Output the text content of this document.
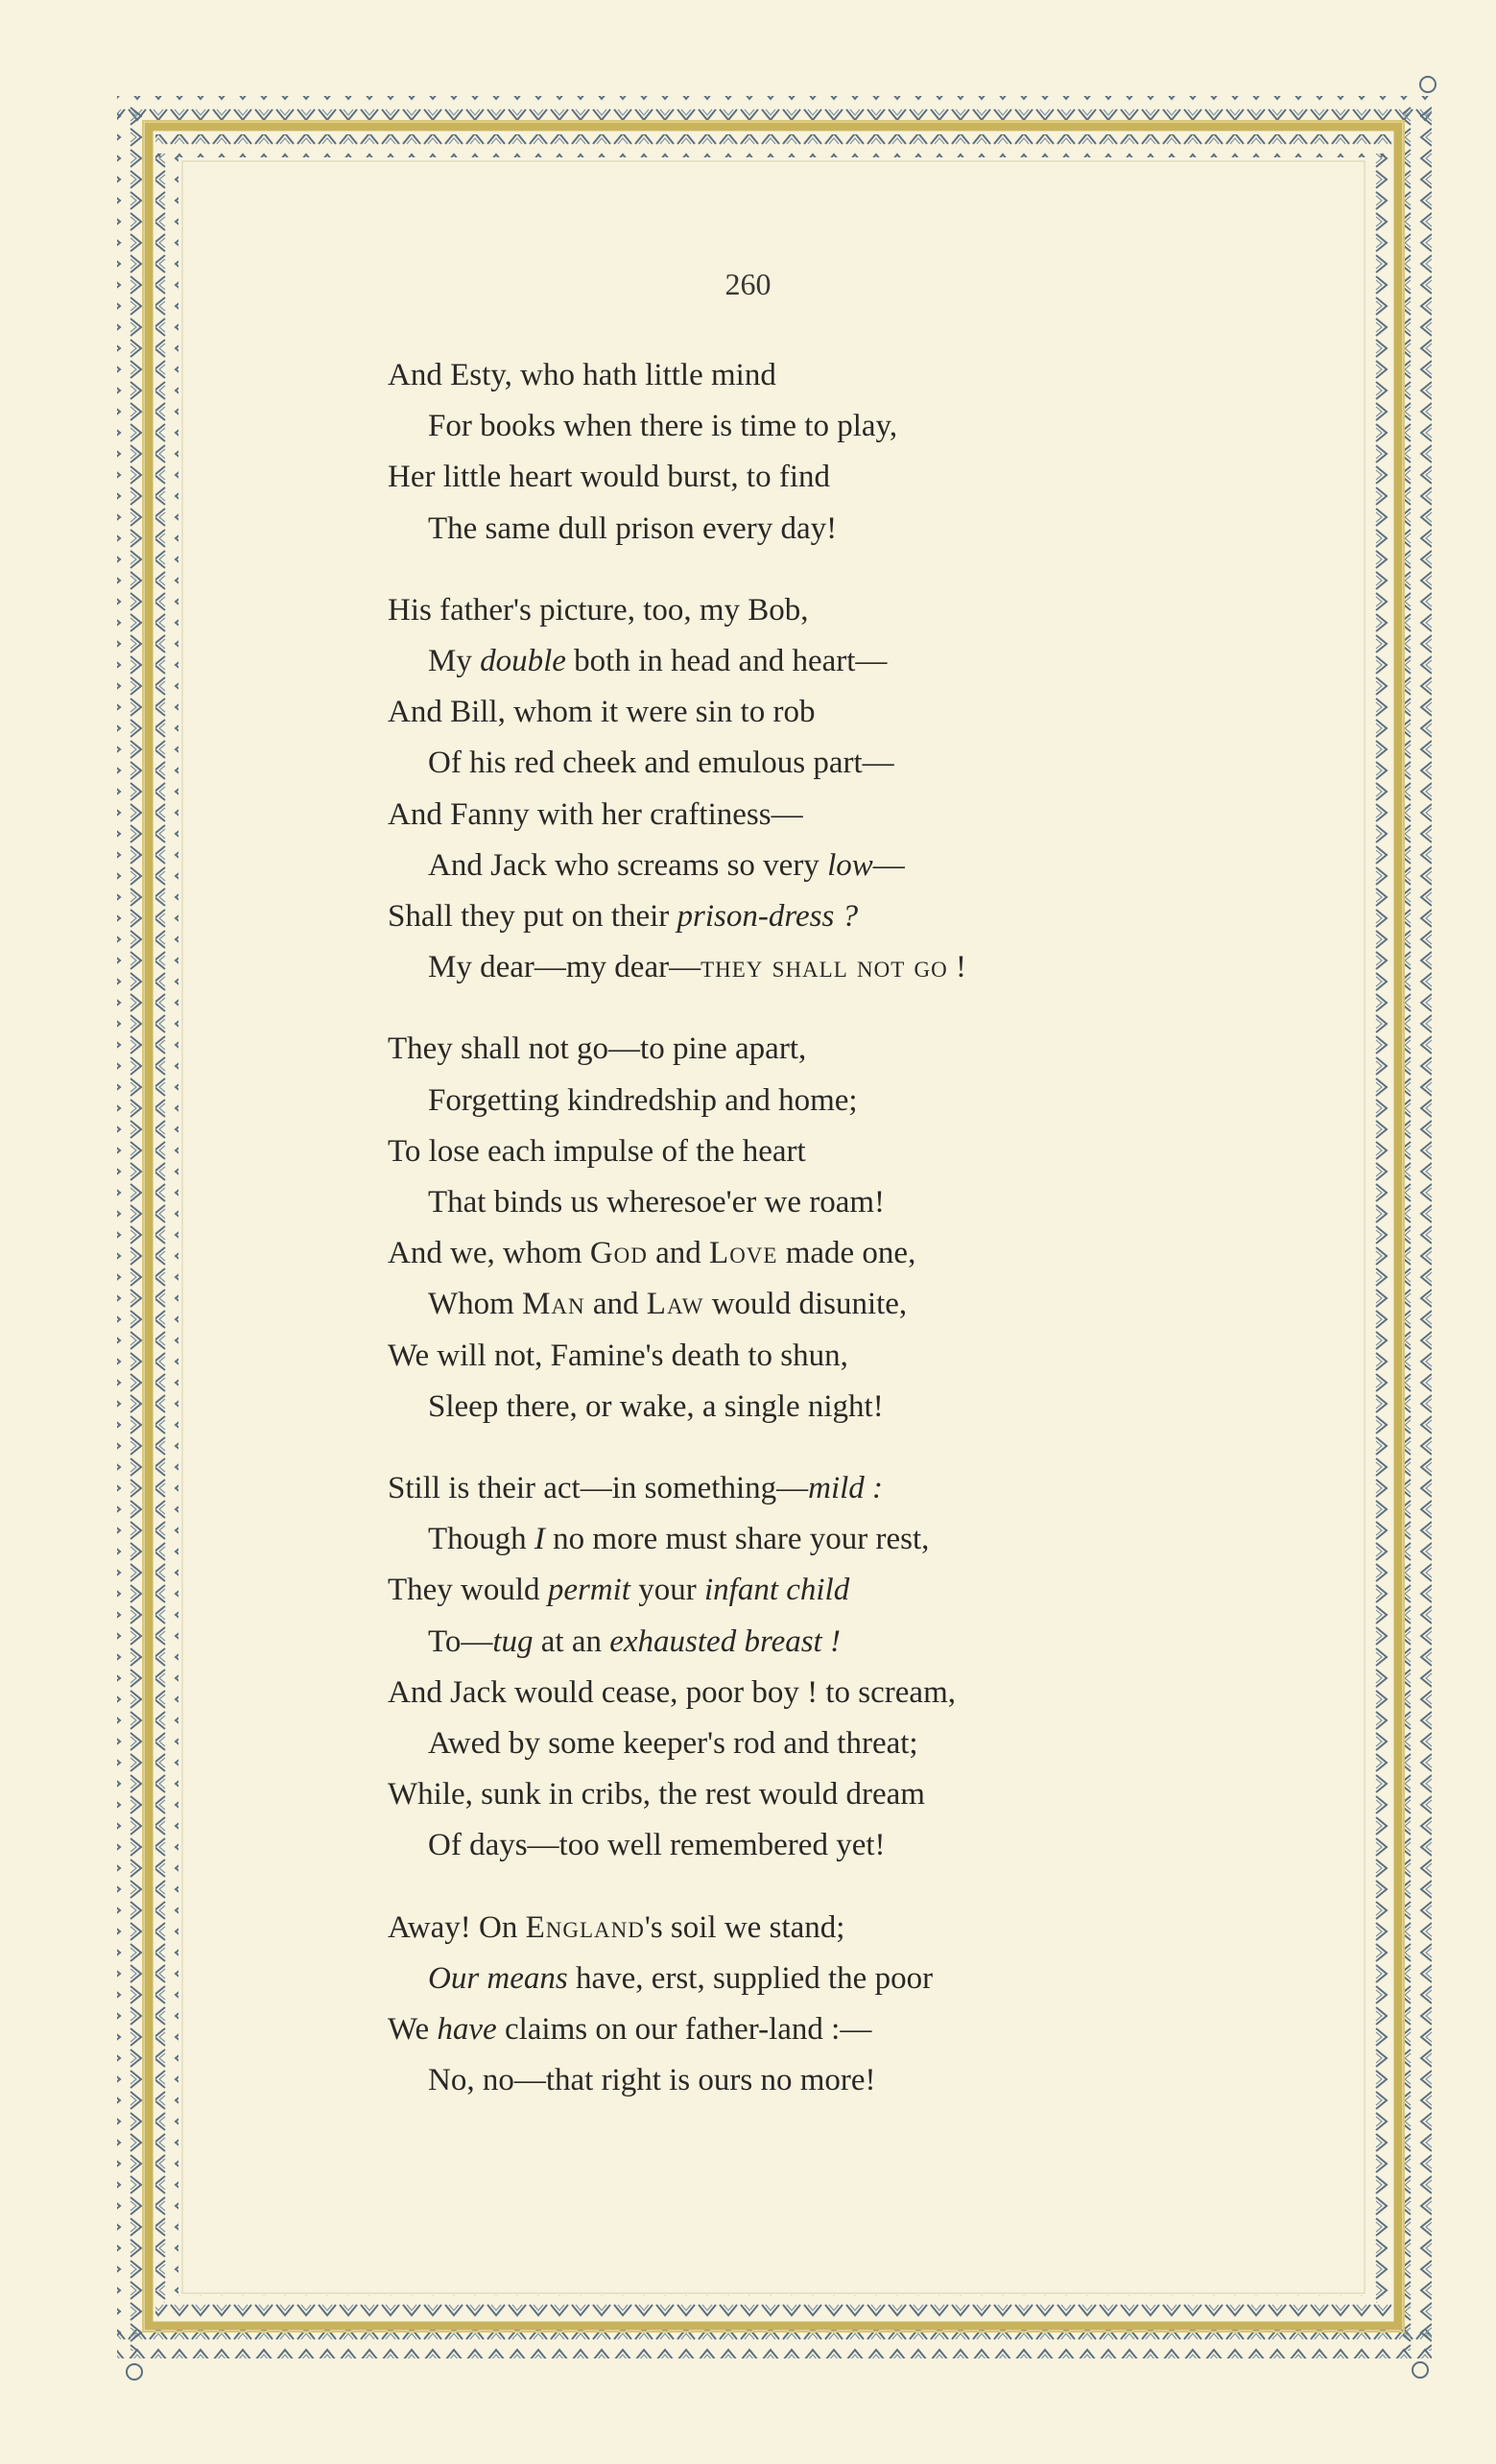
260
And Esty, who hath little mind
For books when there is time to play,
Her little heart would burst, to find
The same dull prison every day!
His father's picture, too, my Bob,
My double both in head and heart—
And Bill, whom it were sin to rob
Of his red cheek and emulous part—
And Fanny with her craftiness—
And Jack who screams so very low—
Shall they put on their prison-dress ?
My dear—my dear—they shall not go !
They shall not go—to pine apart,
Forgetting kindredship and home;
To lose each impulse of the heart
That binds us wheresoe'er we roam!
And we, whom God and Love made one,
Whom Man and Law would disunite,
We will not, Famine's death to shun,
Sleep there, or wake, a single night!
Still is their act—in something—mild :
Though I no more must share your rest,
They would permit your infant child
To—tug at an exhausted breast !
And Jack would cease, poor boy ! to scream,
Awed by some keeper's rod and threat;
While, sunk in cribs, the rest would dream
Of days—too well remembered yet!
Away! On England's soil we stand;
Our means have, erst, supplied the poor
We have claims on our father-land :—
No, no—that right is ours no more!
